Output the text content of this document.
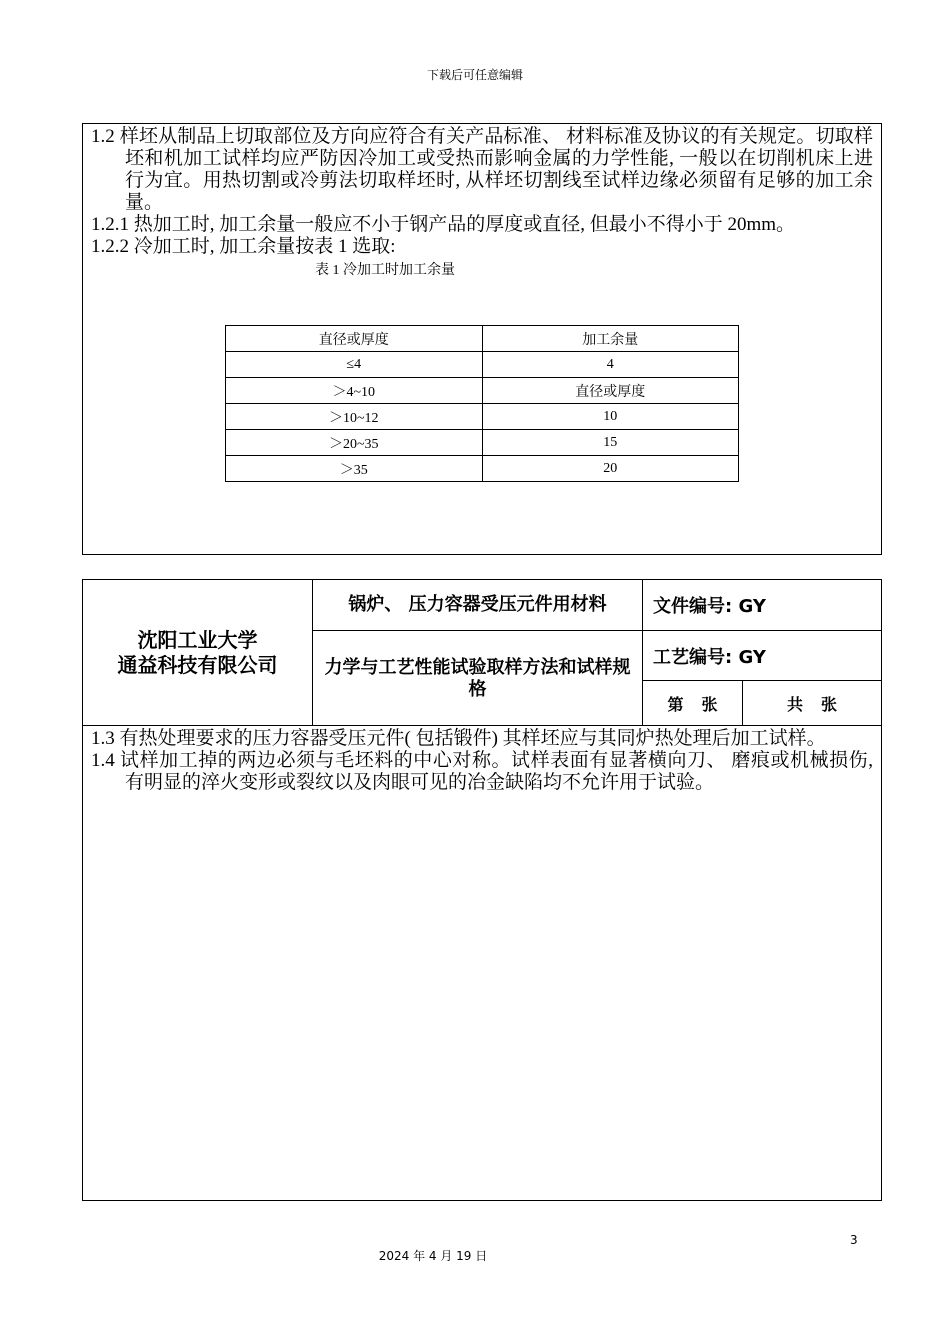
下载后可任意编辑

1.2 样坯从制品上切取部位及方向应符合有关产品标准、 材料标准及协议的有关规定。切取样坯和机加工试样均应严防因冷加工或受热而影响金属的力学性能, 一般以在切削机床上进行为宜。用热切割或冷剪法切取样坯时, 从样坯切割线至试样边缘必须留有足够的加工余量。

1.2.1 热加工时, 加工余量一般应不小于钢产品的厚度或直径, 但最小不得小于 20mm。

1.2.2 冷加工时, 加工余量按表 1 选取:

表 1 冷加工时加工余量
直径或厚度	加工余量
≤4	4
＞4~10	直径或厚度
＞10~12	10
＞20~35	15
＞35	20
沈阳工业大学
通益科技有限公司
锅炉、 压力容器受压元件用材料
力学与工艺性能试验取样方法和试样规格
文件编号: GY
工艺编号: GY
第张	共张

1.3 有热处理要求的压力容器受压元件( 包括锻件) 其样坯应与其同炉热处理后加工试样。

1.4 试样加工掉的两边必须与毛坯料的中心对称。试样表面有显著横向刀、 磨痕或机械损伤, 有明显的淬火变形或裂纹以及肉眼可见的冶金缺陷均不允许用于试验。

3
2024 年 4 月 19 日
